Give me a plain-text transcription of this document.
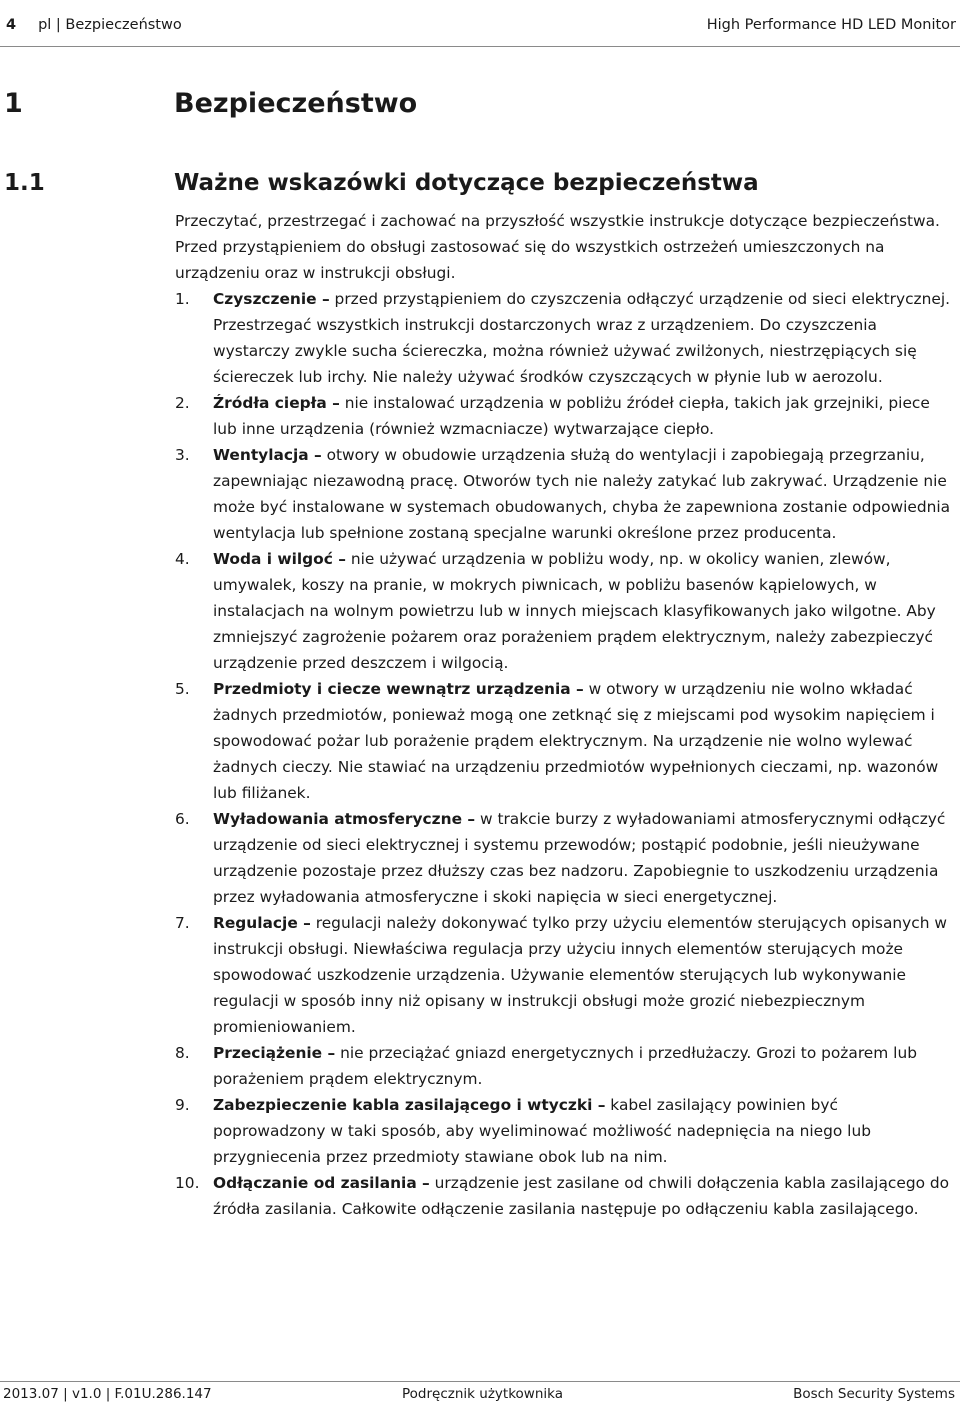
4 pl | Bezpieczeństwo	High Performance HD LED Monitor
1	Bezpieczeństwo
1.1	Ważne wskazówki dotyczące bezpieczeństwa

Przeczytać, przestrzegać i zachować na przyszłość wszystkie instrukcje dotyczące bezpieczeństwa. Przed przystąpieniem do obsługi zastosować się do wszystkich ostrzeżeń umieszczonych na urządzeniu oraz w instrukcji obsługi.

1. Czyszczenie – przed przystąpieniem do czyszczenia odłączyć urządzenie od sieci elektrycznej. Przestrzegać wszystkich instrukcji dostarczonych wraz z urządzeniem. Do czyszczenia wystarczy zwykle sucha ściereczka, można również używać zwilżonych, niestrzępiących się ściereczek lub irchy. Nie należy używać środków czyszczących w płynie lub w aerozolu.
2. Źródła ciepła – nie instalować urządzenia w pobliżu źródeł ciepła, takich jak grzejniki, piece lub inne urządzenia (również wzmacniacze) wytwarzające ciepło.
3. Wentylacja – otwory w obudowie urządzenia służą do wentylacji i zapobiegają przegrzaniu, zapewniając niezawodną pracę. Otworów tych nie należy zatykać lub zakrywać. Urządzenie nie może być instalowane w systemach obudowanych, chyba że zapewniona zostanie odpowiednia wentylacja lub spełnione zostaną specjalne warunki określone przez producenta.
4. Woda i wilgoć – nie używać urządzenia w pobliżu wody, np. w okolicy wanien, zlewów, umywalek, koszy na pranie, w mokrych piwnicach, w pobliżu basenów kąpielowych, w instalacjach na wolnym powietrzu lub w innych miejscach klasyfikowanych jako wilgotne. Aby zmniejszyć zagrożenie pożarem oraz porażeniem prądem elektrycznym, należy zabezpieczyć urządzenie przed deszczem i wilgocią.
5. Przedmioty i ciecze wewnątrz urządzenia – w otwory w urządzeniu nie wolno wkładać żadnych przedmiotów, ponieważ mogą one zetknąć się z miejscami pod wysokim napięciem i spowodować pożar lub porażenie prądem elektrycznym. Na urządzenie nie wolno wylewać żadnych cieczy. Nie stawiać na urządzeniu przedmiotów wypełnionych cieczami, np. wazonów lub filiżanek.
6. Wyładowania atmosferyczne – w trakcie burzy z wyładowaniami atmosferycznymi odłączyć urządzenie od sieci elektrycznej i systemu przewodów; postąpić podobnie, jeśli nieużywane urządzenie pozostaje przez dłuższy czas bez nadzoru. Zapobiegnie to uszkodzeniu urządzenia przez wyładowania atmosferyczne i skoki napięcia w sieci energetycznej.
7. Regulacje – regulacji należy dokonywać tylko przy użyciu elementów sterujących opisanych w instrukcji obsługi. Niewłaściwa regulacja przy użyciu innych elementów sterujących może spowodować uszkodzenie urządzenia. Używanie elementów sterujących lub wykonywanie regulacji w sposób inny niż opisany w instrukcji obsługi może grozić niebezpiecznym promieniowaniem.
8. Przeciążenie – nie przeciążać gniazd energetycznych i przedłużaczy. Grozi to pożarem lub porażeniem prądem elektrycznym.
9. Zabezpieczenie kabla zasilającego i wtyczki – kabel zasilający powinien być poprowadzony w taki sposób, aby wyeliminować możliwość nadepnięcia na niego lub przygniecenia przez przedmioty stawiane obok lub na nim.
10. Odłączanie od zasilania – urządzenie jest zasilane od chwili dołączenia kabla zasilającego do źródła zasilania. Całkowite odłączenie zasilania następuje po odłączeniu kabla zasilającego.
2013.07 | v1.0 | F.01U.286.147	Podręcznik użytkownika	Bosch Security Systems
